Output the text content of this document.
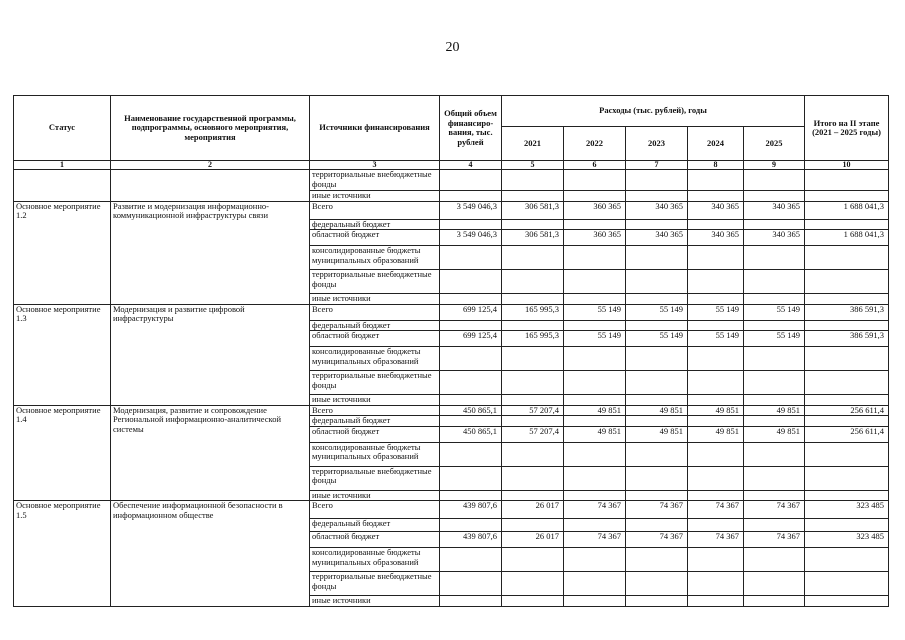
20
Статус	Наименование государственной программы, подпрограммы, основного мероприятия, мероприятия	Источники финансирования	Общий объем финансиро-вания, тыс. рублей	Расходы (тыс. рублей), годы					Итого на II этапе (2021 – 2025 годы)
				2021	2022	2023	2024	2025	
1	2	3	4	5	6	7	8	9	10
		территориальные внебюджетные фонды							
		иные источники							
Основное мероприятие 1.2	Развитие и модернизация информационно-коммуникационной инфраструктуры связи	Всего	3 549 046,3	306 581,3	360 365	340 365	340 365	340 365	1 688 041,3
		федеральный бюджет							
		областной бюджет	3 549 046,3	306 581,3	360 365	340 365	340 365	340 365	1 688 041,3
		консолидированные бюджеты муниципальных образований							
		территориальные внебюджетные фонды							
		иные источники							
Основное мероприятие 1.3	Модернизация и развитие цифровой инфраструктуры	Всего	699 125,4	165 995,3	55 149	55 149	55 149	55 149	386 591,3
		федеральный бюджет							
		областной бюджет	699 125,4	165 995,3	55 149	55 149	55 149	55 149	386 591,3
		консолидированные бюджеты муниципальных образований							
		территориальные внебюджетные фонды							
		иные источники							
Основное мероприятие 1.4	Модернизация, развитие и сопровождение Региональной информационно-аналитической системы	Всего	450 865,1	57 207,4	49 851	49 851	49 851	49 851	256 611,4
		федеральный бюджет							
		областной бюджет	450 865,1	57 207,4	49 851	49 851	49 851	49 851	256 611,4
		консолидированные бюджеты муниципальных образований							
		территориальные внебюджетные фонды							
		иные источники							
Основное мероприятие 1.5	Обеспечение информационной безопасности в информационном обществе	Всего	439 807,6	26 017	74 367	74 367	74 367	74 367	323 485
		федеральный бюджет							
		областной бюджет	439 807,6	26 017	74 367	74 367	74 367	74 367	323 485
		консолидированные бюджеты муниципальных образований							
		территориальные внебюджетные фонды							
		иные источники							
